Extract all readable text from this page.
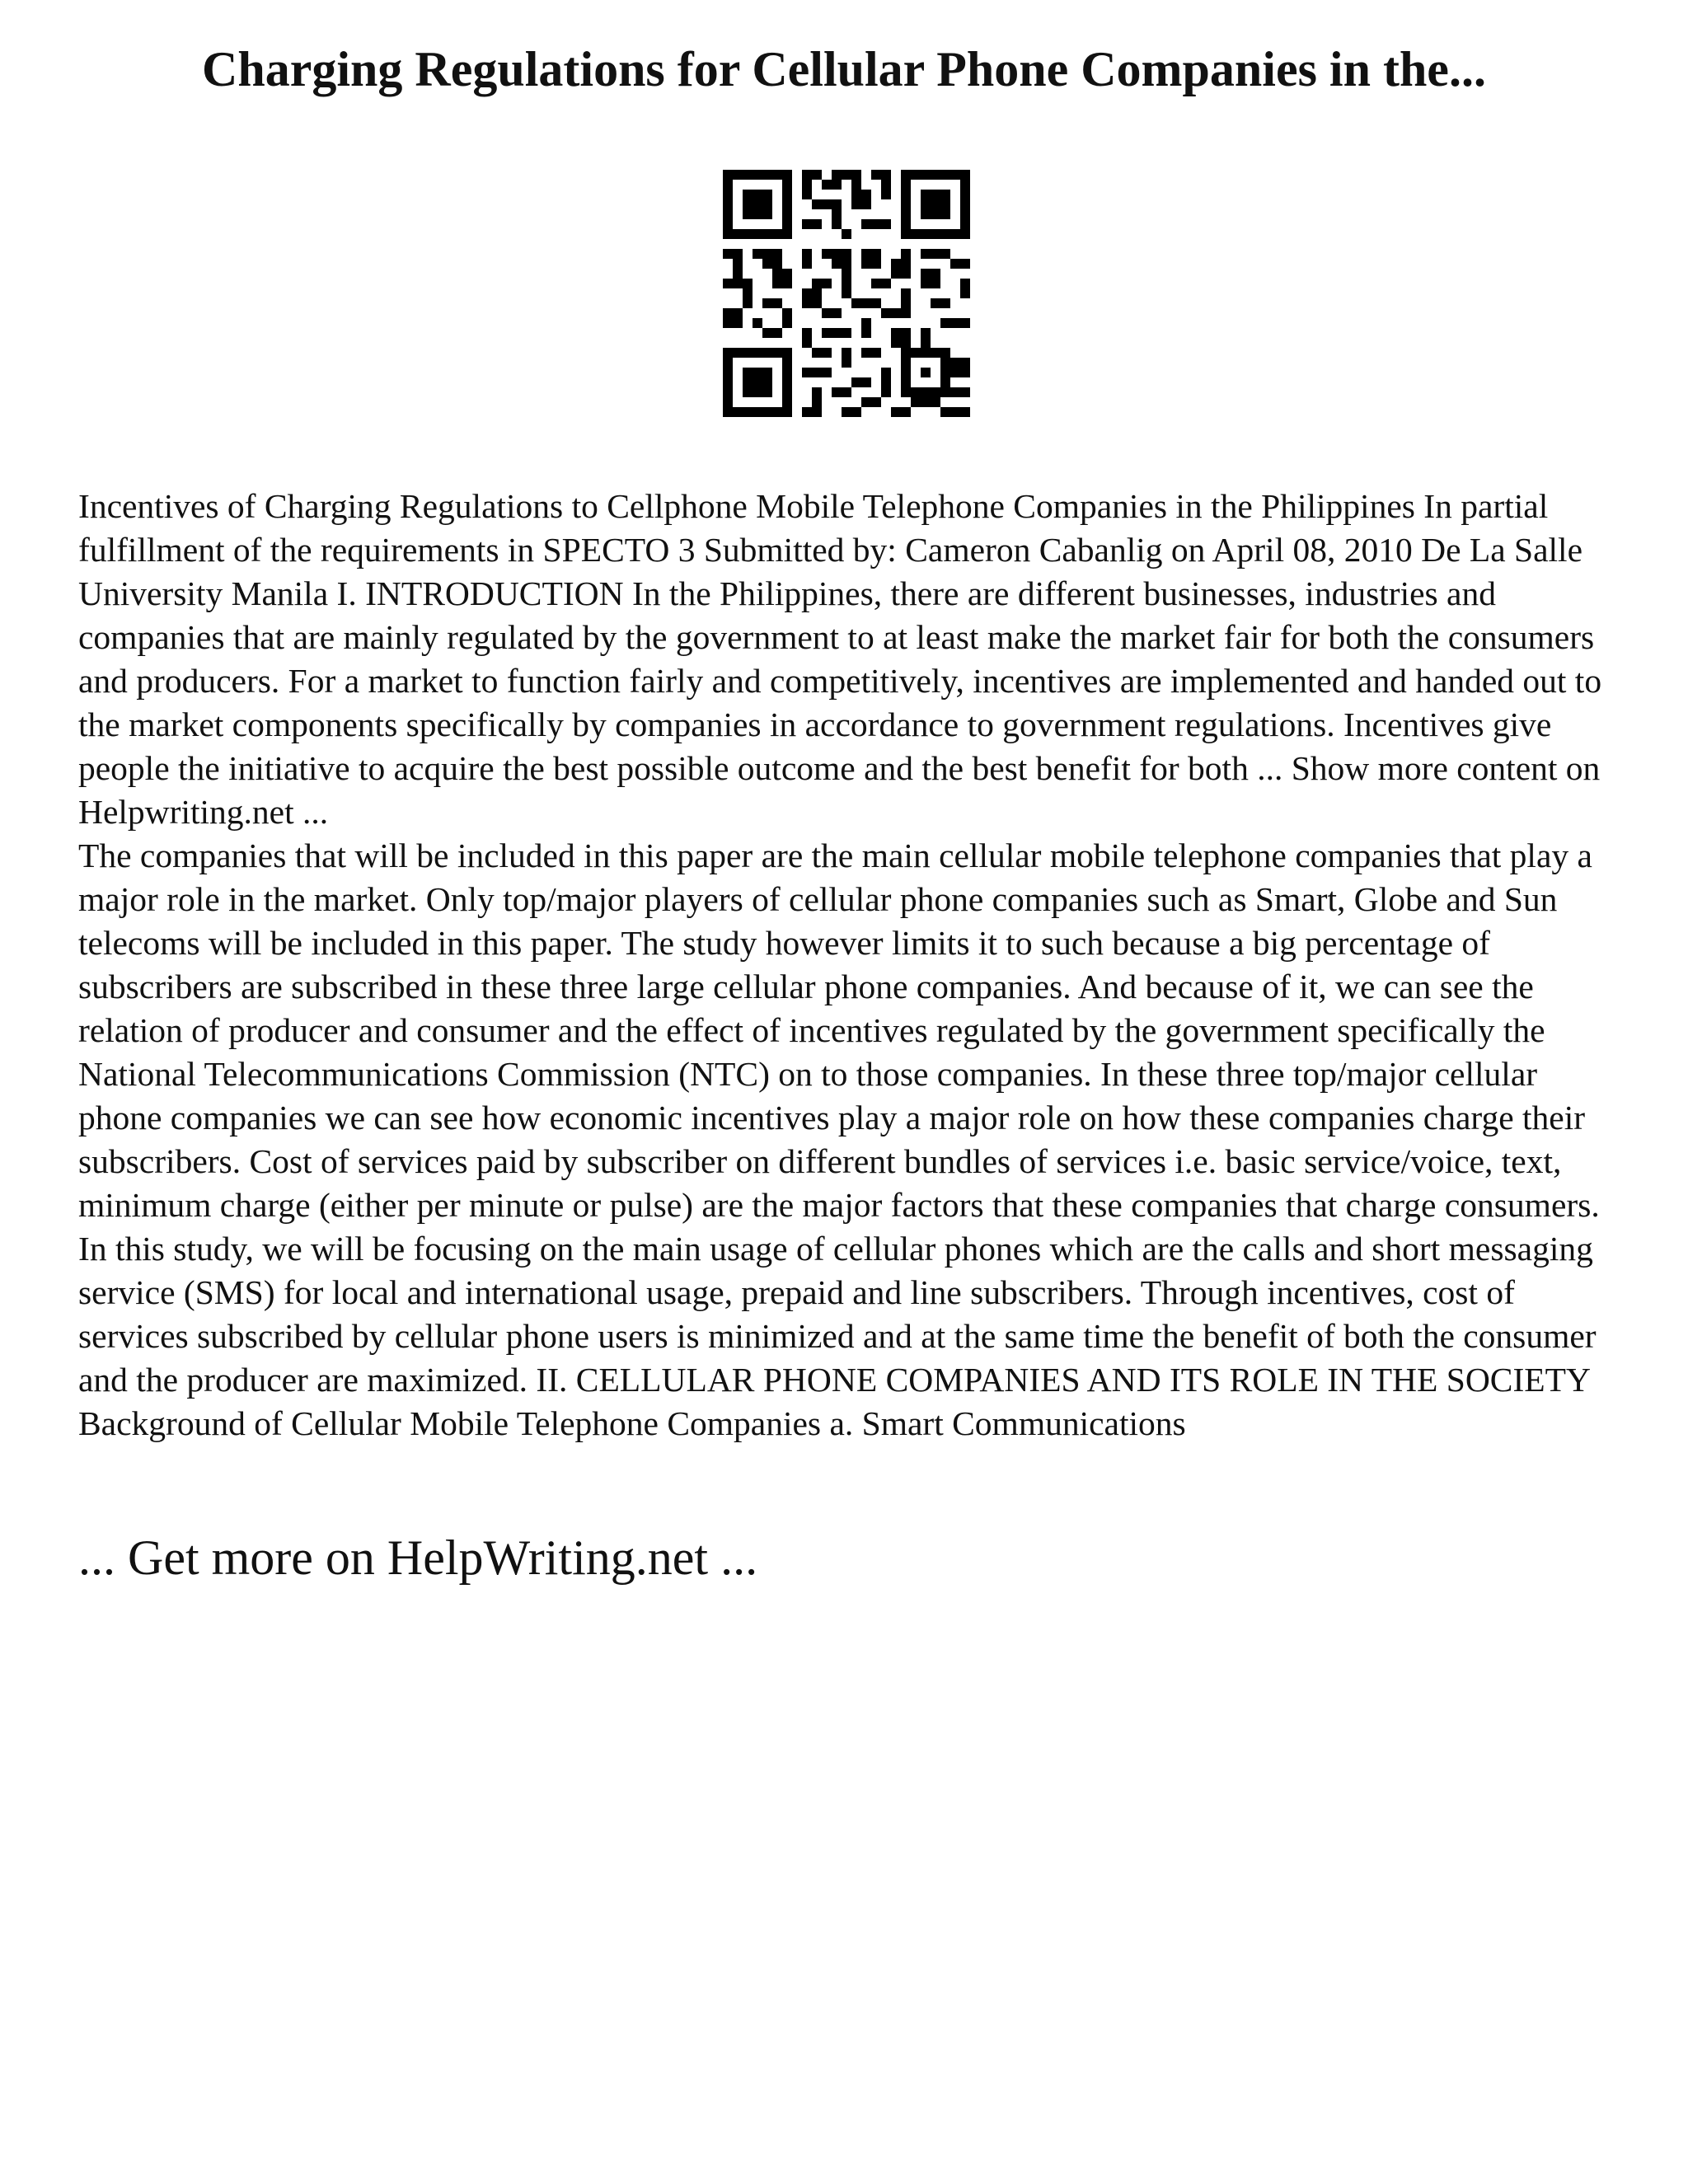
Charging Regulations for Cellular Phone Companies in the...

Incentives of Charging Regulations to Cellphone Mobile Telephone Companies in the Philippines In partial fulfillment of the requirements in SPECTO 3 Submitted by: Cameron Cabanlig on April 08, 2010 De La Salle University Manila I. INTRODUCTION In the Philippines, there are different businesses, industries and companies that are mainly regulated by the government to at least make the market fair for both the consumers and producers. For a market to function fairly and competitively, incentives are implemented and handed out to the market components specifically by companies in accordance to government regulations. Incentives give people the initiative to acquire the best possible outcome and the best benefit for both ... Show more content on Helpwriting.net ...

The companies that will be included in this paper are the main cellular mobile telephone companies that play a major role in the market. Only top/major players of cellular phone companies such as Smart, Globe and Sun telecoms will be included in this paper. The study however limits it to such because a big percentage of subscribers are subscribed in these three large cellular phone companies. And because of it, we can see the relation of producer and consumer and the effect of incentives regulated by the government specifically the National Telecommunications Commission (NTC) on to those companies. In these three top/major cellular phone companies we can see how economic incentives play a major role on how these companies charge their subscribers. Cost of services paid by subscriber on different bundles of services i.e. basic service/voice, text, minimum charge (either per minute or pulse) are the major factors that these companies that charge consumers. In this study, we will be focusing on the main usage of cellular phones which are the calls and short messaging service (SMS) for local and international usage, prepaid and line subscribers. Through incentives, cost of services subscribed by cellular phone users is minimized and at the same time the benefit of both the consumer and the producer are maximized. II. CELLULAR PHONE COMPANIES AND ITS ROLE IN THE SOCIETY Background of Cellular Mobile Telephone Companies a. Smart Communications

... Get more on HelpWriting.net ...
